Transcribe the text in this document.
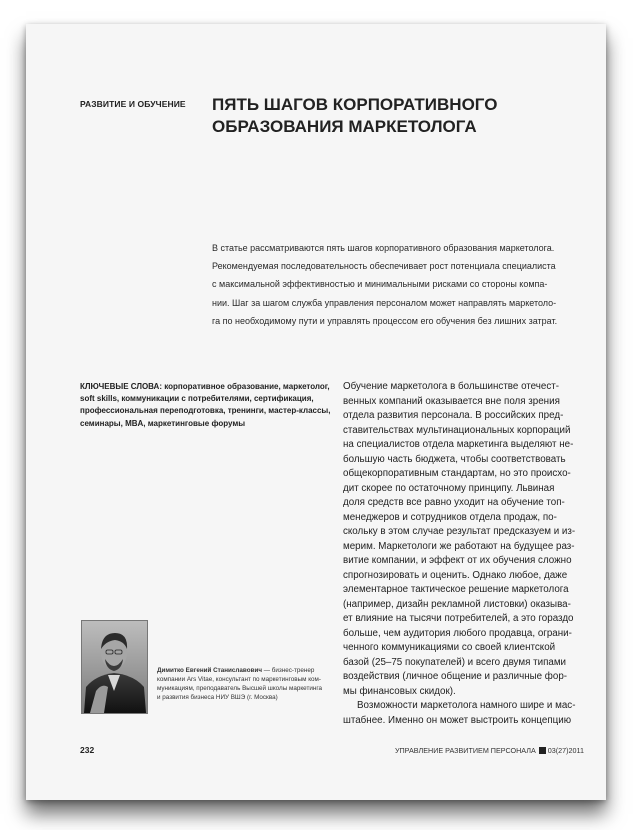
РАЗВИТИЕ И ОБУЧЕНИЕ ПЯТЬ ШАГОВ КОРПОРАТИВНОГО
ОБРАЗОВАНИЯ МАРКЕТОЛОГА
В статье рассматриваются пять шагов корпоративного образования маркетолога.
Рекомендуемая последовательность обеспечивает рост потенциала специалиста
с максимальной эффективностью и минимальными рисками со стороны компа-
нии. Шаг за шагом служба управления персоналом может направлять маркетоло-
га по необходимому пути и управлять процессом его обучения без лишних затрат.
КЛЮЧЕВЫЕ СЛОВА: корпоративное образование, маркетолог,
soft skills, коммуникации с потребителями, сертификация,
профессиональная переподготовка, тренинги, мастер-классы,
семинары, MBA, маркетинговые форумы
Обучение маркетолога в большинстве отечест-
венных компаний оказывается вне поля зрения
отдела развития персонала. В российских пред-
ставительствах мультинациональных корпораций
на специалистов отдела маркетинга выделяют не-
большую часть бюджета, чтобы соответствовать
общекорпоративным стандартам, но это происхо-
дит скорее по остаточному принципу. Львиная
доля средств все равно уходит на обучение топ-
менеджеров и сотрудников отдела продаж, по-
скольку в этом случае результат предсказуем и из-
мерим. Маркетологи же работают на будущее раз-
витие компании, и эффект от их обучения сложно
спрогнозировать и оценить. Однако любое, даже
элементарное тактическое решение маркетолога
(например, дизайн рекламной листовки) оказыва-
ет влияние на тысячи потребителей, а это гораздо
больше, чем аудитория любого продавца, ограни-
ченного коммуникациями со своей клиентской
базой (25–75 покупателей) и всего двумя типами
воздействия (личное общение и различные фор-
мы финансовых скидок).
Возможности маркетолога намного шире и мас-
штабнее. Именно он может выстроить концепцию
Димитко Евгений Станиславович — бизнес-тренер
компании Ars Vitae, консультант по маркетинговым ком-
муникациям, преподаватель Высшей школы маркетинга
и развития бизнеса НИУ ВШЭ (г. Москва)
232	УПРАВЛЕНИЕ РАЗВИТИЕМ ПЕРСОНАЛА 03(27)2011
